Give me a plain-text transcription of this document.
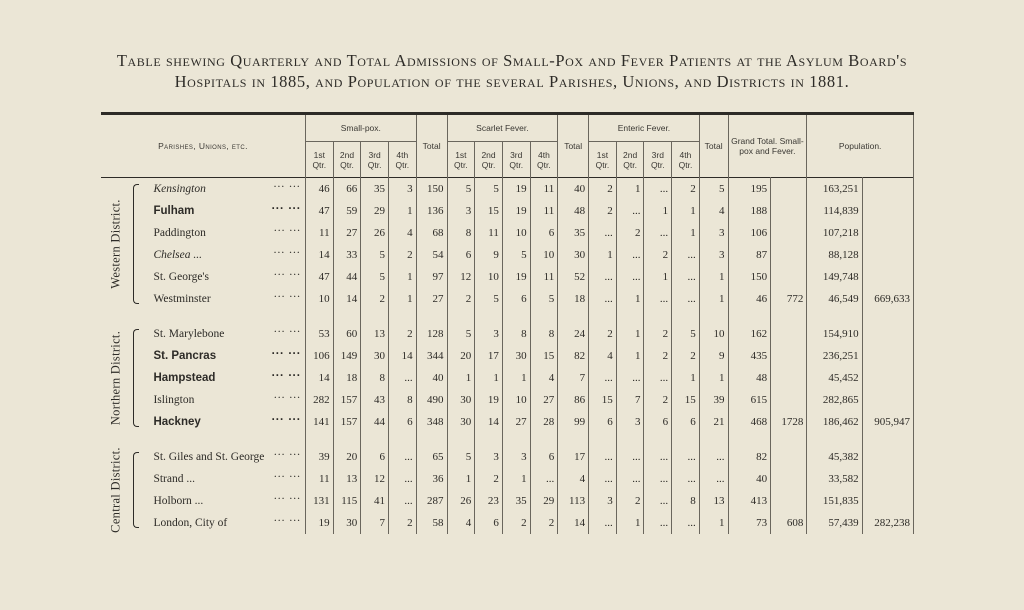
Table shewing Quarterly and Total Admissions of Small-Pox and Fever Patients at the Asylum Board's
Hospitals in 1885, and Population of the several Parishes, Unions, and Districts in 1881.
Parishes, Unions, etc.			Small-pox.				Total	Scarlet Fever.				Total	Enteric Fever.				Total	Grand Total. Small-pox and Fever.		Population.	
			1st Qtr.	2nd Qtr.	3rd Qtr.	4th Qtr.		1st Qtr.	2nd Qtr.	3rd Qtr.	4th Qtr.		1st Qtr.	2nd Qtr.	3rd Qtr.	4th Qtr.					

Western District.		Kensington ... ...	46	66	35	3	150	5	5	19	11	40	2	1	...	2	5	195		163,251	
		Fulham ... ...	47	59	29	1	136	3	15	19	11	48	2	...	1	1	4	188		114,839	
		Paddington ... ...	11	27	26	4	68	8	11	10	6	35	...	2	...	1	3	106		107,218	
		Chelsea ... ... ...	14	33	5	2	54	6	9	5	10	30	1	...	2	...	3	87		88,128	
		St. George's ... ...	47	44	5	1	97	12	10	19	11	52	...	...	1	...	1	150		149,748	
		Westminster ... ...	10	14	2	1	27	2	5	6	5	18	...	1	...	...	1	46	772	46,549	669,633

Northern District.		St. Marylebone ... ...	53	60	13	2	128	5	3	8	8	24	2	1	2	5	10	162		154,910	
		St. Pancras ... ...	106	149	30	14	344	20	17	30	15	82	4	1	2	2	9	435		236,251	
		Hampstead ... ...	14	18	8	...	40	1	1	1	4	7	...	...	...	1	1	48		45,452	
		Islington ... ...	282	157	43	8	490	30	19	10	27	86	15	7	2	15	39	615		282,865	
		Hackney ... ...	141	157	44	6	348	30	14	27	28	99	6	3	6	6	21	468	1728	186,462	905,947

Central District.		St. Giles and St. George ... ...	39	20	6	...	65	5	3	3	6	17	...	...	...	...	...	82		45,382	
		Strand ... ... ...	11	13	12	...	36	1	2	1	...	4	...	...	...	...	...	40		33,582	
		Holborn ... ... ...	131	115	41	...	287	26	23	35	29	113	3	2	...	8	13	413		151,835	
		London, City of ... ...	19	30	7	2	58	4	6	2	2	14	...	1	...	...	1	73	608	57,439	282,238
